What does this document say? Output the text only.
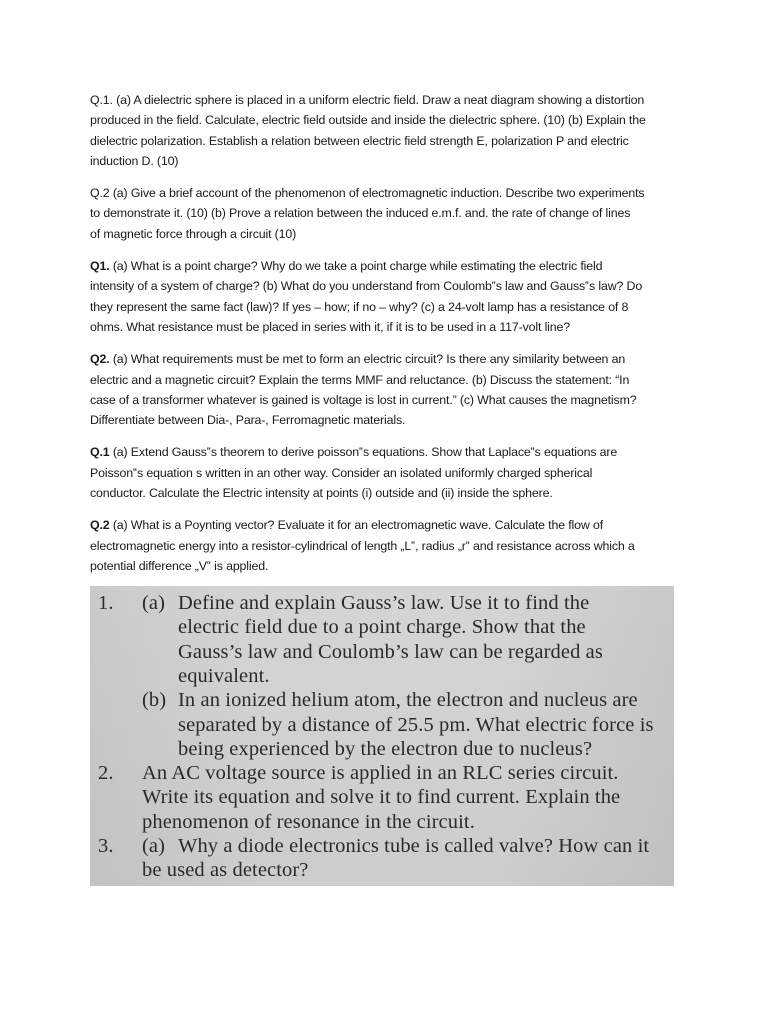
Q.1. (a) A dielectric sphere is placed in a uniform electric field. Draw a neat diagram showing a distortion
produced in the field. Calculate, electric field outside and inside the dielectric sphere. (10) (b) Explain the
dielectric polarization. Establish a relation between electric field strength E, polarization P and electric
induction D. (10)

Q.2 (a) Give a brief account of the phenomenon of electromagnetic induction. Describe two experiments
to demonstrate it. (10) (b) Prove a relation between the induced e.m.f. and. the rate of change of lines
of magnetic force through a circuit (10)

Q1. (a) What is a point charge? Why do we take a point charge while estimating the electric field
intensity of a system of charge? (b) What do you understand from Coulomb‟s law and Gauss‟s law? Do
they represent the same fact (law)? If yes – how; if no – why? (c) a 24-volt lamp has a resistance of 8
ohms. What resistance must be placed in series with it, if it is to be used in a 117-volt line?

Q2. (a) What requirements must be met to form an electric circuit? Is there any similarity between an
electric and a magnetic circuit? Explain the terms MMF and reluctance. (b) Discuss the statement: “In
case of a transformer whatever is gained is voltage is lost in current.” (c) What causes the magnetism?
Differentiate between Dia-, Para-, Ferromagnetic materials.

Q.1 (a) Extend Gauss‟s theorem to derive poisson‟s equations. Show that Laplace‟s equations are
Poisson‟s equation s written in an other way. Consider an isolated uniformly charged spherical
conductor. Calculate the Electric intensity at points (i) outside and (ii) inside the sphere.

Q.2 (a) What is a Poynting vector? Evaluate it for an electromagnetic wave. Calculate the flow of
electromagnetic energy into a resistor-cylindrical of length „L‟, radius „r‟ and resistance across which a
potential difference „V‟ is applied.

1. (a) Define and explain Gauss’s law. Use it to find the
electric field due to a point charge. Show that the
Gauss’s law and Coulomb’s law can be regarded as
equivalent.
(b) In an ionized helium atom, the electron and nucleus are
separated by a distance of 25.5 pm. What electric force is
being experienced by the electron due to nucleus?
2. An AC voltage source is applied in an RLC series circuit.
Write its equation and solve it to find current. Explain the
phenomenon of resonance in the circuit.
3. (a) Why a diode electronics tube is called valve? How can it
be used as detector?
